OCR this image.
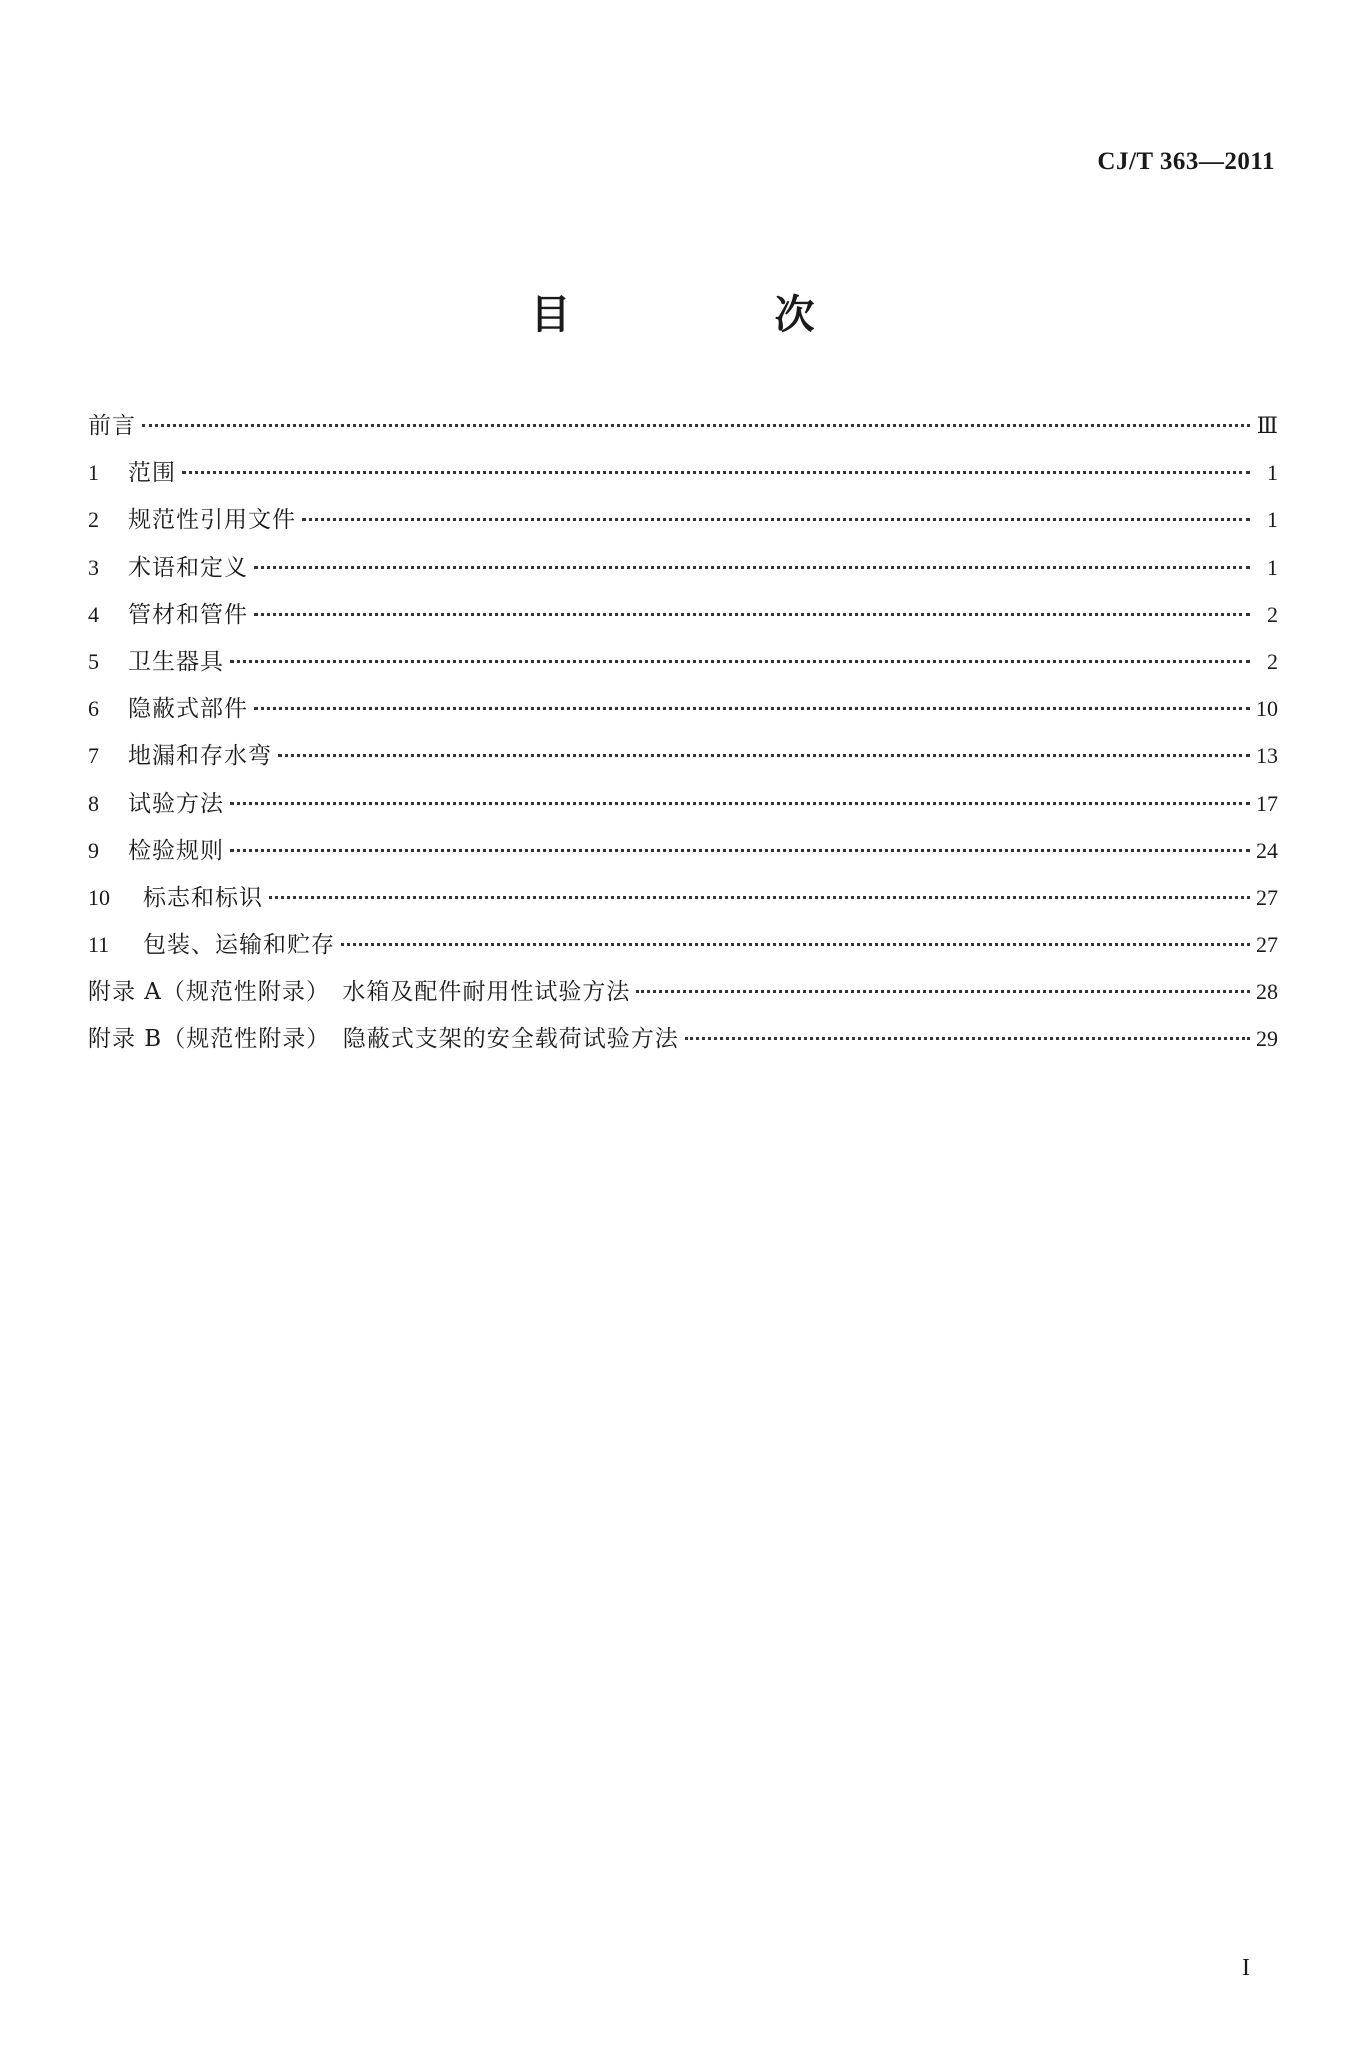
CJ/T 363—2011
目　次
前言	Ⅲ
1	范围	1
2	规范性引用文件	1
3	术语和定义	1
4	管材和管件	2
5	卫生器具	2
6	隐蔽式部件	10
7	地漏和存水弯	13
8	试验方法	17
9	检验规则	24
10	标志和标识	27
11	包装、运输和贮存	27
附录 A（规范性附录）　水箱及配件耐用性试验方法	28
附录 B（规范性附录）　隐蔽式支架的安全载荷试验方法	29
I
